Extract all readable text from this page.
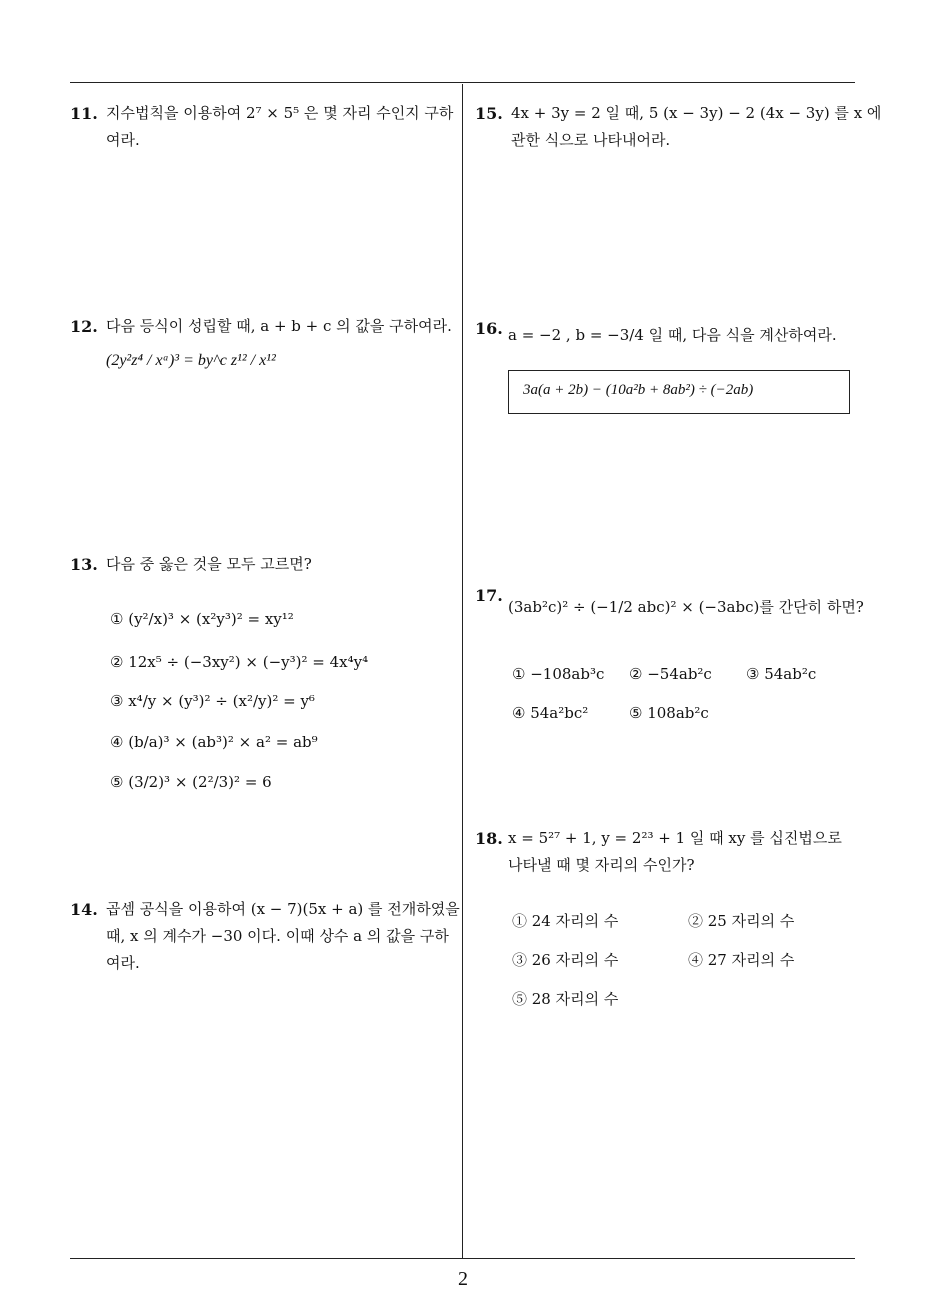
11. 지수법칙을 이용하여 2⁷ × 5⁵ 은 몇 자리 수인지 구하
여라.
12. 다음 등식이 성립할 때, a + b + c 의 값을 구하여라.
(2y²z⁴ / xᵃ)³ = by^c z¹² / x¹²
13. 다음 중 옳은 것을 모두 고르면?
① (y²/x)³ × (x²y³)² = xy¹²
② 12x⁵ ÷ (−3xy²) × (−y³)² = 4x⁴y⁴
③ x⁴/y × (y³)² ÷ (x²/y)² = y⁶
④ (b/a)³ × (ab³)² × a² = ab⁹
⑤ (3/2)³ × (2²/3)² = 6
14. 곱셈 공식을 이용하여 (x − 7)(5x + a) 를 전개하였을
때, x 의 계수가 −30 이다. 이때 상수 a 의 값을 구하
여라.
15. 4x + 3y = 2 일 때, 5 (x − 3y) − 2 (4x − 3y) 를 x 에
관한 식으로 나타내어라.
16. a = −2 , b = −3/4 일 때, 다음 식을 계산하여라.
3a(a + 2b) − (10a²b + 8ab²) ÷ (−2ab)
17.
(3ab²c)² ÷ (−1/2 abc)² × (−3abc)를 간단히 하면?
① −108ab³c ② −54ab²c ③ 54ab²c
④ 54a²bc²	⑤ 108ab²c
18. x = 5²⁷ + 1, y = 2²³ + 1 일 때 xy 를 십진법으로
나타낼 때 몇 자리의 수인가?
① 24 자리의 수	② 25 자리의 수
③ 26 자리의 수	④ 27 자리의 수
⑤ 28 자리의 수
2
